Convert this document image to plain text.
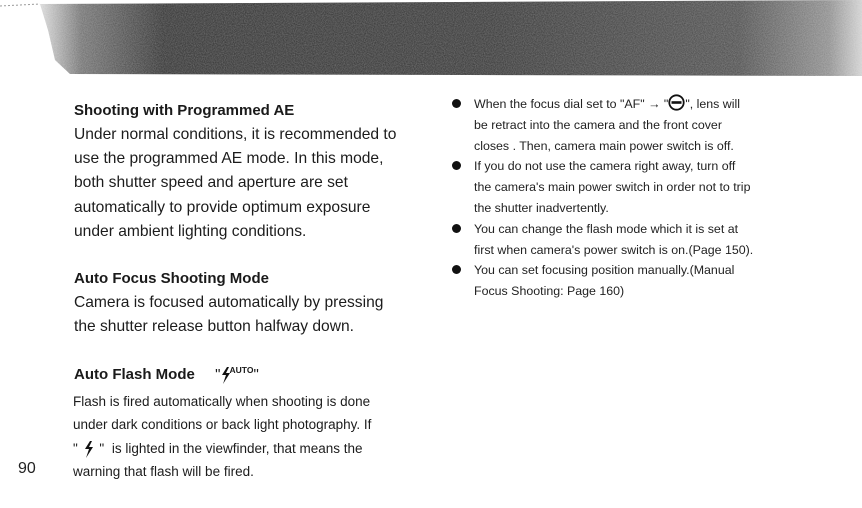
Shooting with Programmed AE
Under normal conditions, it is recommended to
use the programmed AE mode. In this mode,
both shutter speed and aperture are set
automatically to provide optimum exposure
under ambient lighting conditions.
Auto Focus Shooting Mode
Camera is focused automatically by pressing
the shutter release button halfway down.
Auto Flash Mode " AUTO "
Flash is fired automatically when shooting is done
under dark conditions or back light photography. If
" " is lighted in the viewfinder, that means the
warning that flash will be fired.
90
When the focus dial set to "AF" → " ", lens will
be retract into the camera and the front cover
closes . Then, camera main power switch is off.
If you do not use the camera right away, turn off
the camera's main power switch in order not to trip
the shutter inadvertently.
You can change the flash mode which it is set at
first when camera's power switch is on.(Page 150).
You can set focusing position manually.(Manual
Focus Shooting: Page 160)
